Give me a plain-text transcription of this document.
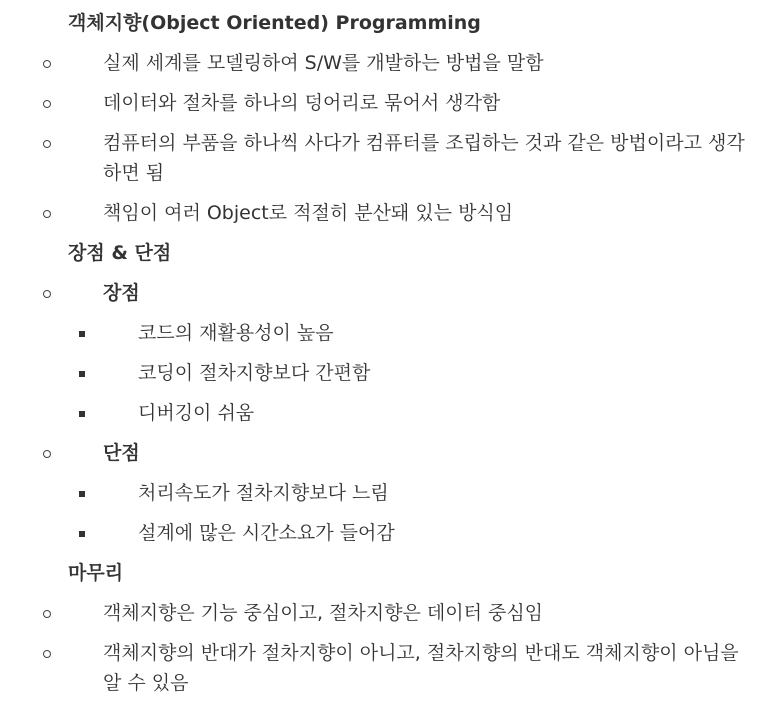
객체지향(Object Oriented) Programming
실제 세계를 모델링하여 S/W를 개발하는 방법을 말함
데이터와 절차를 하나의 덩어리로 묶어서 생각함
컴퓨터의 부품을 하나씩 사다가 컴퓨터를 조립하는 것과 같은 방법이라고 생각하면 됨
책임이 여러 Object로 적절히 분산돼 있는 방식임
장점 & 단점
장점
코드의 재활용성이 높음
코딩이 절차지향보다 간편함
디버깅이 쉬움
단점
처리속도가 절차지향보다 느림
설계에 많은 시간소요가 들어감
마무리
객체지향은 기능 중심이고, 절차지향은 데이터 중심임
객체지향의 반대가 절차지향이 아니고, 절차지향의 반대도 객체지향이 아님을 알 수 있음
